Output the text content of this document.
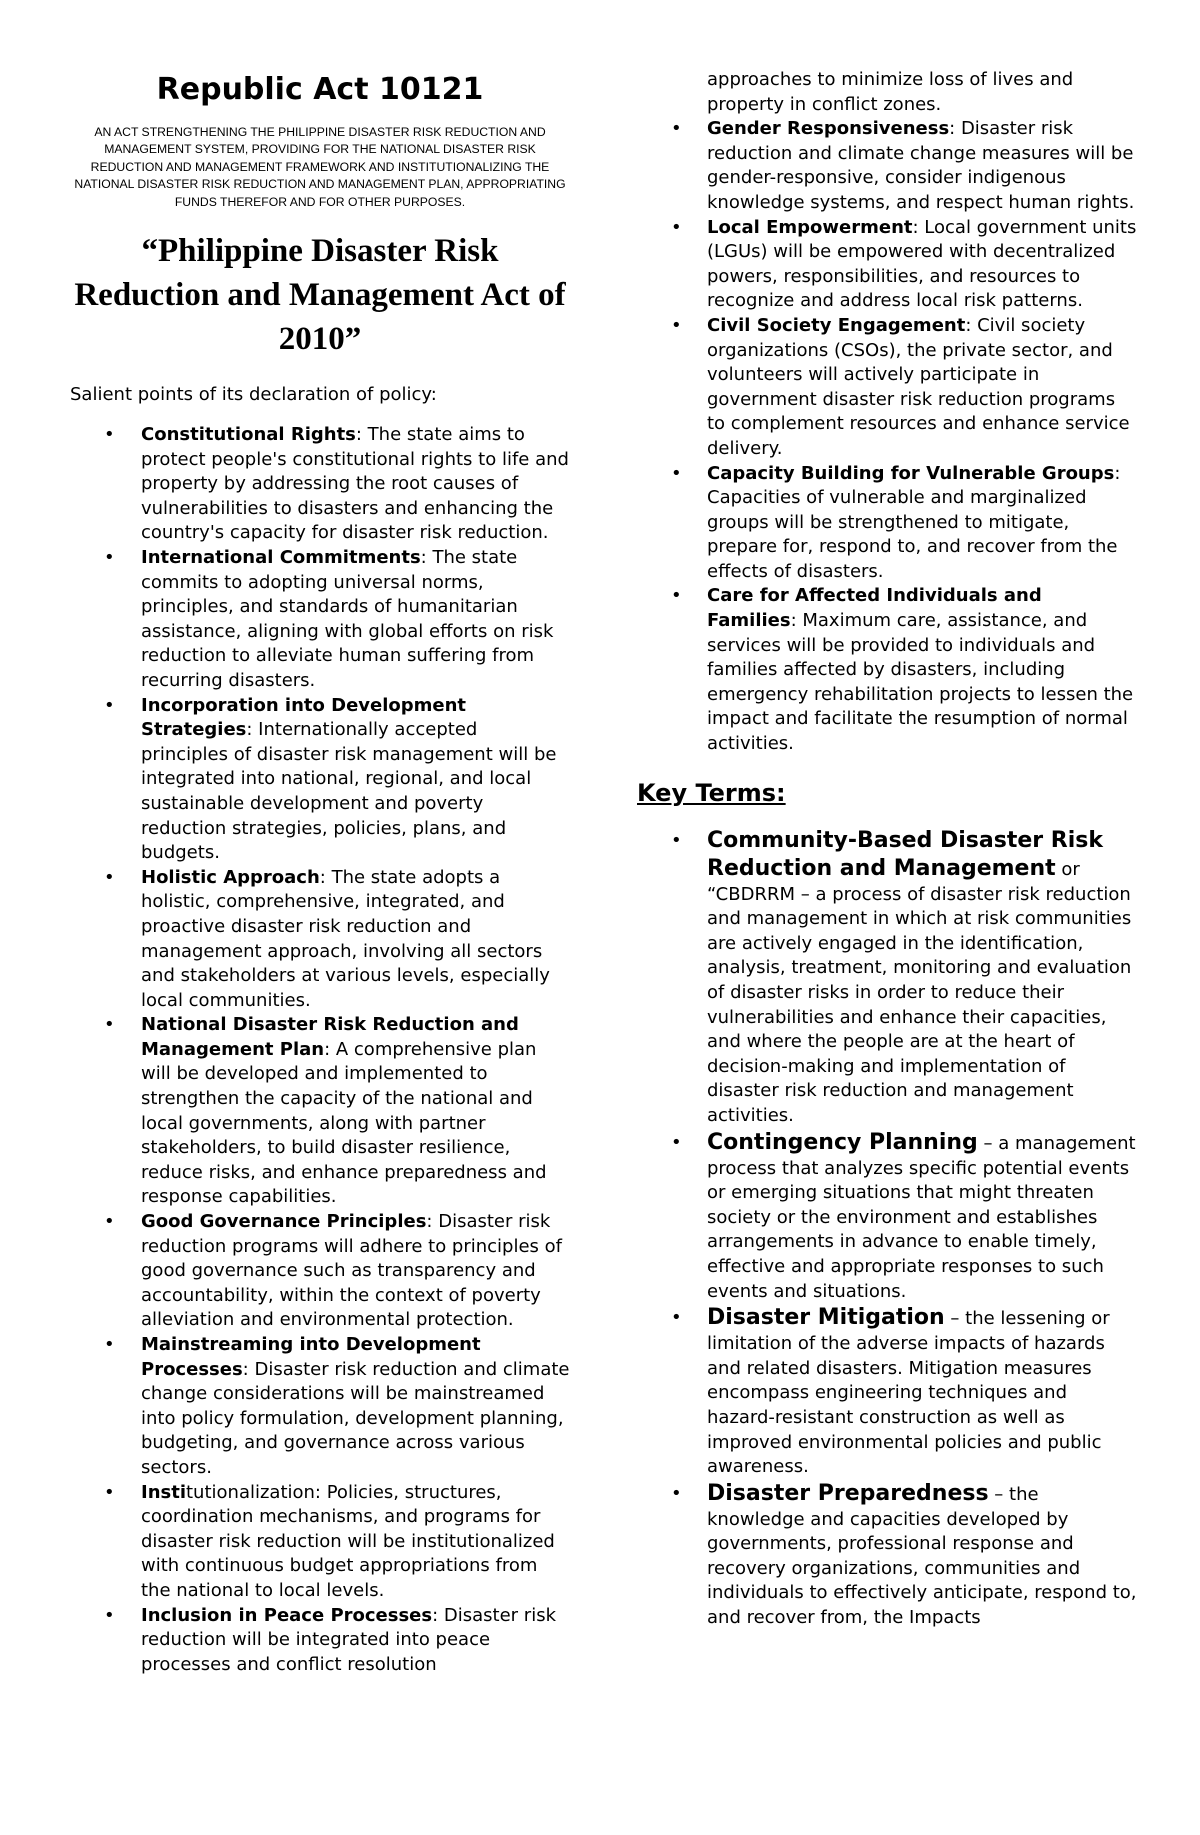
Republic Act 10121
AN ACT STRENGTHENING THE PHILIPPINE DISASTER RISK REDUCTION AND MANAGEMENT SYSTEM, PROVIDING FOR THE NATIONAL DISASTER RISK REDUCTION AND MANAGEMENT FRAMEWORK AND INSTITUTIONALIZING THE NATIONAL DISASTER RISK REDUCTION AND MANAGEMENT PLAN, APPROPRIATING FUNDS THEREFOR AND FOR OTHER PURPOSES.
“Philippine Disaster Risk Reduction and Management Act of 2010”
Salient points of its declaration of policy:
• Constitutional Rights: The state aims to protect people's constitutional rights to life and property by addressing the root causes of vulnerabilities to disasters and enhancing the country's capacity for disaster risk reduction.
• International Commitments: The state commits to adopting universal norms, principles, and standards of humanitarian assistance, aligning with global efforts on risk reduction to alleviate human suffering from recurring disasters.
• Incorporation into Development Strategies: Internationally accepted principles of disaster risk management will be integrated into national, regional, and local sustainable development and poverty reduction strategies, policies, plans, and budgets.
• Holistic Approach: The state adopts a holistic, comprehensive, integrated, and proactive disaster risk reduction and management approach, involving all sectors and stakeholders at various levels, especially local communities.
• National Disaster Risk Reduction and Management Plan: A comprehensive plan will be developed and implemented to strengthen the capacity of the national and local governments, along with partner stakeholders, to build disaster resilience, reduce risks, and enhance preparedness and response capabilities.
• Good Governance Principles: Disaster risk reduction programs will adhere to principles of good governance such as transparency and accountability, within the context of poverty alleviation and environmental protection.
• Mainstreaming into Development Processes: Disaster risk reduction and climate change considerations will be mainstreamed into policy formulation, development planning, budgeting, and governance across various sectors.
• Institutionalization: Policies, structures, coordination mechanisms, and programs for disaster risk reduction will be institutionalized with continuous budget appropriations from the national to local levels.
• Inclusion in Peace Processes: Disaster risk reduction will be integrated into peace processes and conflict resolution
approaches to minimize loss of lives and property in conflict zones.
• Gender Responsiveness: Disaster risk reduction and climate change measures will be gender-responsive, consider indigenous knowledge systems, and respect human rights.
• Local Empowerment: Local government units (LGUs) will be empowered with decentralized powers, responsibilities, and resources to recognize and address local risk patterns.
• Civil Society Engagement: Civil society organizations (CSOs), the private sector, and volunteers will actively participate in government disaster risk reduction programs to complement resources and enhance service delivery.
• Capacity Building for Vulnerable Groups: Capacities of vulnerable and marginalized groups will be strengthened to mitigate, prepare for, respond to, and recover from the effects of disasters.
• Care for Affected Individuals and Families: Maximum care, assistance, and services will be provided to individuals and families affected by disasters, including emergency rehabilitation projects to lessen the impact and facilitate the resumption of normal activities.
Key Terms:
• Community-Based Disaster Risk Reduction and Management or “CBDRRM – a process of disaster risk reduction and management in which at risk communities are actively engaged in the identification, analysis, treatment, monitoring and evaluation of disaster risks in order to reduce their vulnerabilities and enhance their capacities, and where the people are at the heart of decision-making and implementation of disaster risk reduction and management activities.
• Contingency Planning – a management process that analyzes specific potential events or emerging situations that might threaten society or the environment and establishes arrangements in advance to enable timely, effective and appropriate responses to such events and situations.
• Disaster Mitigation – the lessening or limitation of the adverse impacts of hazards and related disasters. Mitigation measures encompass engineering techniques and hazard-resistant construction as well as improved environmental policies and public awareness.
• Disaster Preparedness – the knowledge and capacities developed by governments, professional response and recovery organizations, communities and individuals to effectively anticipate, respond to, and recover from, the Impacts
